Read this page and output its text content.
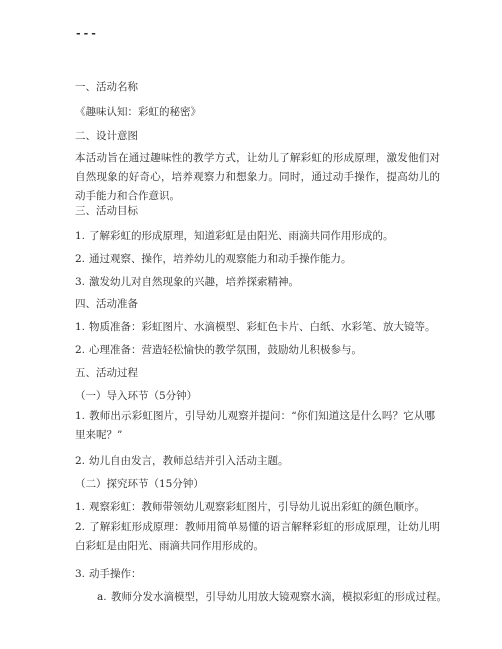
---
一、活动名称
《趣味认知：彩虹的秘密》
二、设计意图
本活动旨在通过趣味性的教学方式，让幼儿了解彩虹的形成原理，激发他们对自然现象的好奇心，培养观察力和想象力。同时，通过动手操作，提高幼儿的动手能力和合作意识。
三、活动目标
1. 了解彩虹的形成原理，知道彩虹是由阳光、雨滴共同作用形成的。
2. 通过观察、操作，培养幼儿的观察能力和动手操作能力。
3. 激发幼儿对自然现象的兴趣，培养探索精神。
四、活动准备
1. 物质准备：彩虹图片、水滴模型、彩虹色卡片、白纸、水彩笔、放大镜等。
2. 心理准备：营造轻松愉快的教学氛围，鼓励幼儿积极参与。
五、活动过程
（一）导入环节（5分钟）
1. 教师出示彩虹图片，引导幼儿观察并提问：“你们知道这是什么吗？它从哪里来呢？”
2. 幼儿自由发言，教师总结并引入活动主题。
（二）探究环节（15分钟）
1. 观察彩虹：教师带领幼儿观察彩虹图片，引导幼儿说出彩虹的颜色顺序。
2. 了解彩虹形成原理：教师用简单易懂的语言解释彩虹的形成原理，让幼儿明白彩虹是由阳光、雨滴共同作用形成的。
3. 动手操作：
a. 教师分发水滴模型，引导幼儿用放大镜观察水滴，模拟彩虹的形成过程。
